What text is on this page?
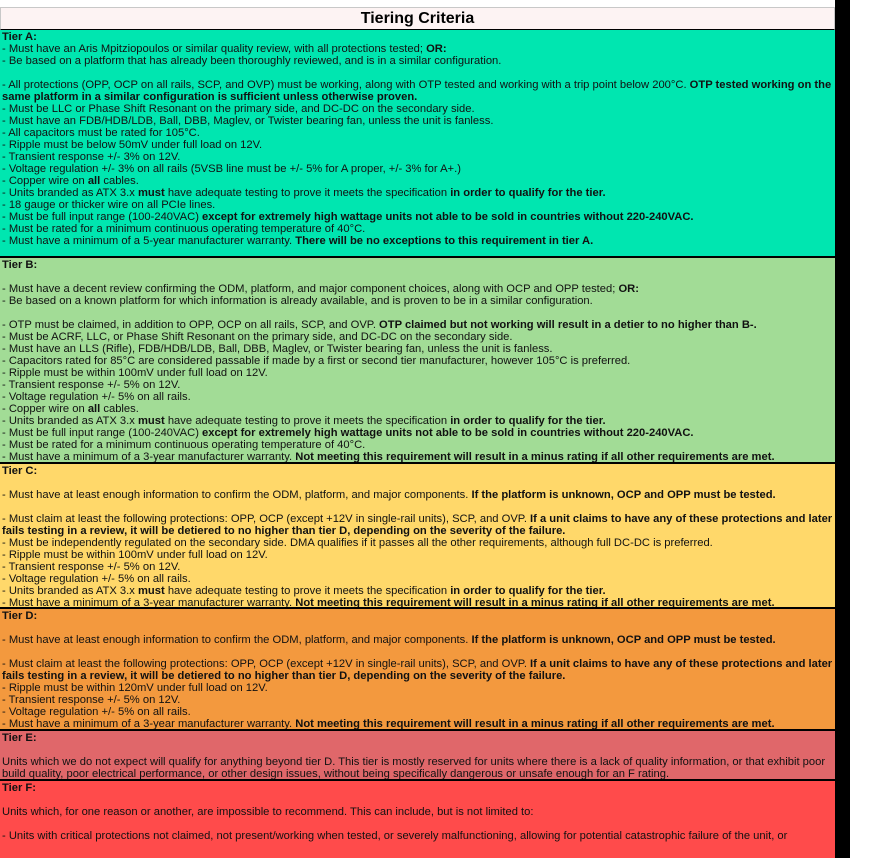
Tiering Criteria
Tier A:
- Must have an Aris Mpitziopoulos or similar quality review, with all protections tested; OR:
- Be based on a platform that has already been thoroughly reviewed, and is in a similar configuration.
- All protections (OPP, OCP on all rails, SCP, and OVP) must be working, along with OTP tested and working with a trip point below 200°C. OTP tested working on the same platform in a similar configuration is sufficient unless otherwise proven.
- Must be LLC or Phase Shift Resonant on the primary side, and DC-DC on the secondary side.
- Must have an FDB/HDB/LDB, Ball, DBB, Maglev, or Twister bearing fan, unless the unit is fanless.
- All capacitors must be rated for 105°C.
- Ripple must be below 50mV under full load on 12V.
- Transient response +/- 3% on 12V.
- Voltage regulation +/- 3% on all rails (5VSB line must be +/- 5% for A proper, +/- 3% for A+.)
- Copper wire on all cables.
- Units branded as ATX 3.x must have adequate testing to prove it meets the specification in order to qualify for the tier.
- 18 gauge or thicker wire on all PCIe lines.
- Must be full input range (100-240VAC) except for extremely high wattage units not able to be sold in countries without 220-240VAC.
- Must be rated for a minimum continuous operating temperature of 40°C.
- Must have a minimum of a 5-year manufacturer warranty. There will be no exceptions to this requirement in tier A.
Tier B:
- Must have a decent review confirming the ODM, platform, and major component choices, along with OCP and OPP tested; OR:
- Be based on a known platform for which information is already available, and is proven to be in a similar configuration.
- OTP must be claimed, in addition to OPP, OCP on all rails, SCP, and OVP. OTP claimed but not working will result in a detier to no higher than B-.
- Must be ACRF, LLC, or Phase Shift Resonant on the primary side, and DC-DC on the secondary side.
- Must have an LLS (Rifle), FDB/HDB/LDB, Ball, DBB, Maglev, or Twister bearing fan, unless the unit is fanless.
- Capacitors rated for 85°C are considered passable if made by a first or second tier manufacturer, however 105°C is preferred.
- Ripple must be within 100mV under full load on 12V.
- Transient response +/- 5% on 12V.
- Voltage regulation +/- 5% on all rails.
- Copper wire on all cables.
- Units branded as ATX 3.x must have adequate testing to prove it meets the specification in order to qualify for the tier.
- Must be full input range (100-240VAC) except for extremely high wattage units not able to be sold in countries without 220-240VAC.
- Must be rated for a minimum continuous operating temperature of 40°C.
- Must have a minimum of a 3-year manufacturer warranty. Not meeting this requirement will result in a minus rating if all other requirements are met.
Tier C:
- Must have at least enough information to confirm the ODM, platform, and major components. If the platform is unknown, OCP and OPP must be tested.
- Must claim at least the following protections: OPP, OCP (except +12V in single-rail units), SCP, and OVP. If a unit claims to have any of these protections and later fails testing in a review, it will be detiered to no higher than tier D, depending on the severity of the failure.
- Must be independently regulated on the secondary side. DMA qualifies if it passes all the other requirements, although full DC-DC is preferred.
- Ripple must be within 100mV under full load on 12V.
- Transient response +/- 5% on 12V.
- Voltage regulation +/- 5% on all rails.
- Units branded as ATX 3.x must have adequate testing to prove it meets the specification in order to qualify for the tier.
- Must have a minimum of a 3-year manufacturer warranty. Not meeting this requirement will result in a minus rating if all other requirements are met.
Tier D:
- Must have at least enough information to confirm the ODM, platform, and major components. If the platform is unknown, OCP and OPP must be tested.
- Must claim at least the following protections: OPP, OCP (except +12V in single-rail units), SCP, and OVP. If a unit claims to have any of these protections and later fails testing in a review, it will be detiered to no higher than tier D, depending on the severity of the failure.
- Ripple must be within 120mV under full load on 12V.
- Transient response +/- 5% on 12V.
- Voltage regulation +/- 5% on all rails.
- Must have a minimum of a 3-year manufacturer warranty. Not meeting this requirement will result in a minus rating if all other requirements are met.
Tier E:
Units which we do not expect will qualify for anything beyond tier D. This tier is mostly reserved for units where there is a lack of quality information, or that exhibit poor build quality, poor electrical performance, or other design issues, without being specifically dangerous or unsafe enough for an F rating.
Tier F:
Units which, for one reason or another, are impossible to recommend. This can include, but is not limited to:
- Units with critical protections not claimed, not present/working when tested, or severely malfunctioning, allowing for potential catastrophic failure of the unit, or
